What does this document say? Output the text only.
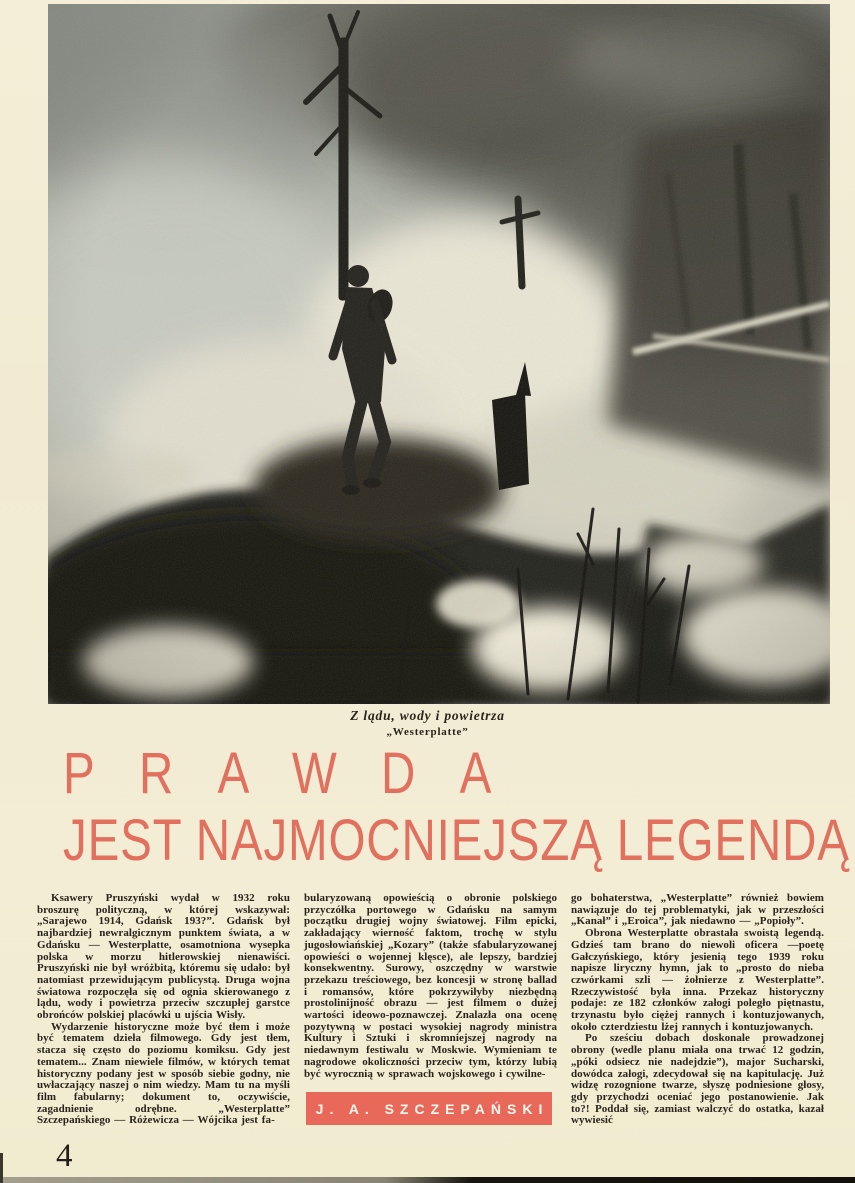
Z lądu, wody i powietrza
„Westerplatte”
PRAWDA
JEST NAJMOCNIEJSZĄ LEGENDĄ

Ksawery Pruszyński wydał w 1932 roku broszurę polityczną, w której wskazywał: „Sarajewo 1914, Gdańsk 193?”. Gdańsk był najbardziej newralgicznym punktem świata, a w Gdańsku — Westerplatte, osamotniona wysepka polska w morzu hitlerowskiej nienawiści. Pruszyński nie był wróżbitą, któremu się udało: był natomiast przewidującym publicystą. Druga wojna światowa rozpoczęła się od ognia skierowanego z lądu, wody i powietrza przeciw szczupłej garstce obrońców polskiej placówki u ujścia Wisły.

Wydarzenie historyczne może być tłem i może być tematem dzieła filmowego. Gdy jest tłem, stacza się często do poziomu komiksu. Gdy jest tematem... Znam niewiele filmów, w których temat historyczny podany jest w sposób siebie godny, nie uwłaczający naszej o nim wiedzy. Mam tu na myśli film fabularny; dokument to, oczywiście, zagadnienie odrębne. „Westerplatte” Szczepańskiego — Różewicza — Wójcika jest fa-

bularyzowaną opowieścią o obronie polskiego przyczółka portowego w Gdańsku na samym początku drugiej wojny światowej. Film epicki, zakładający wierność faktom, trochę w stylu jugosłowiańskiej „Kozary” (także sfabularyzowanej opowieści o wojennej klęsce), ale lepszy, bardziej konsekwentny. Surowy, oszczędny w warstwie przekazu treściowego, bez koncesji w stronę ballad i romansów, które pokrzywiłyby niezbędną prostolinijność obrazu — jest filmem o dużej wartości ideowo-poznawczej. Znalazła ona ocenę pozytywną w postaci wysokiej nagrody ministra Kultury i Sztuki i skromniejszej nagrody na niedawnym festiwalu w Moskwie. Wymieniam te nagrodowe okoliczności przeciw tym, którzy lubią być wyrocznią w sprawach wojskowego i cywilne-

J. A. SZCZEPAŃSKI

go bohaterstwa, „Westerplatte” również bowiem nawiązuje do tej problematyki, jak w przeszłości „Kanał” i „Eroica”, jak niedawno — „Popioły”.

Obrona Westerplatte obrastała swoistą legendą. Gdzieś tam brano do niewoli oficera —poetę Gałczyńskiego, który jesienią tego 1939 roku napisze liryczny hymn, jak to „prosto do nieba czwórkami szli — żołnierze z Westerplatte”. Rzeczywistość była inna. Przekaz historyczny podaje: ze 182 członków załogi poległo piętnastu, trzynastu było ciężej rannych i kontuzjowanych, około czterdziestu lżej rannych i kontuzjowanych.

Po sześciu dobach doskonale prowadzonej obrony (wedle planu miała ona trwać 12 godzin, „póki odsiecz nie nadejdzie”), major Sucharski, dowódca załogi, zdecydował się na kapitulację. Już widzę rozognione twarze, słyszę podniesione głosy, gdy przychodzi oceniać jego postanowienie. Jak to?! Poddał się, zamiast walczyć do ostatka, kazał wywiesić

4
